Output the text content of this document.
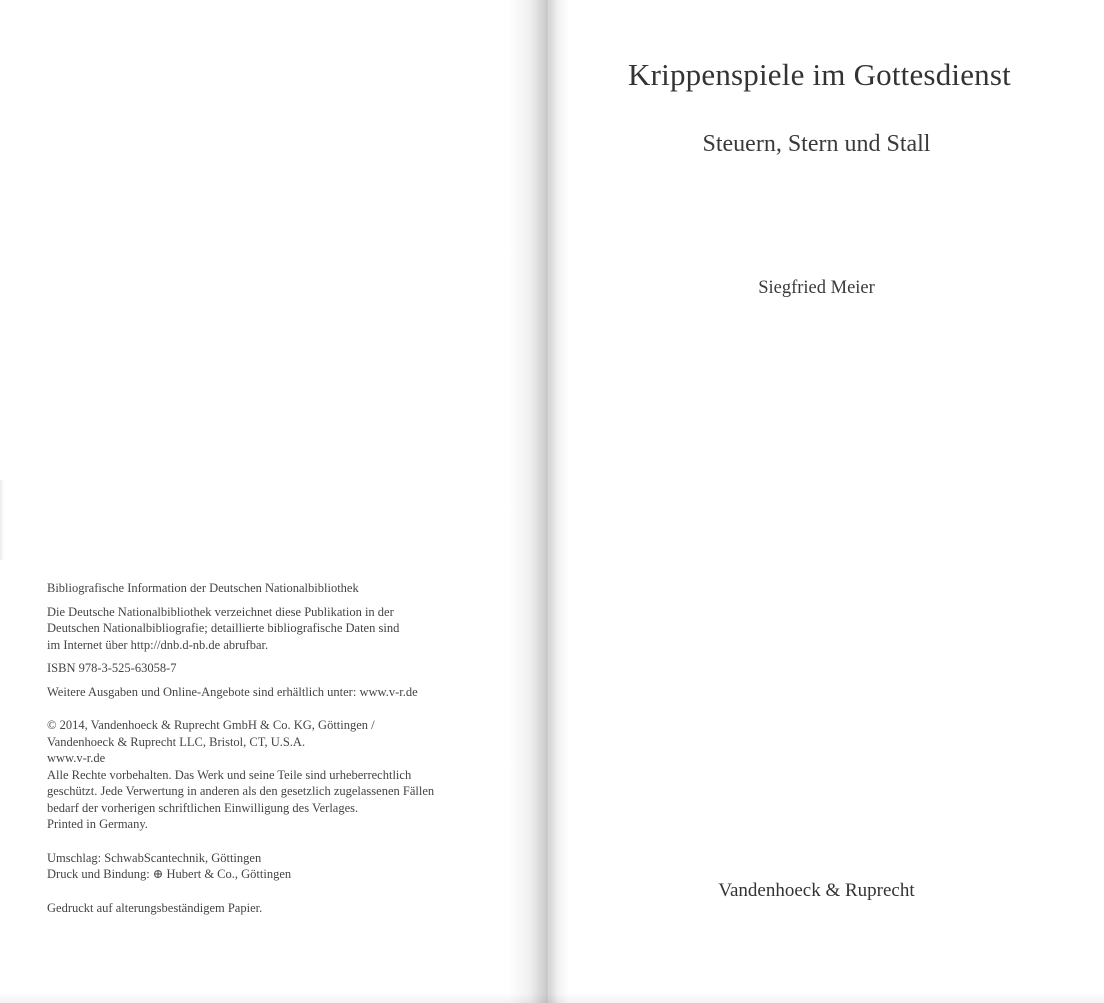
Bibliografische Information der Deutschen Nationalbibliothek

Die Deutsche Nationalbibliothek verzeichnet diese Publikation in der
Deutschen Nationalbibliografie; detaillierte bibliografische Daten sind
im Internet über http://dnb.d-nb.de abrufbar.

ISBN 978-3-525-63058-7

Weitere Ausgaben und Online-Angebote sind erhältlich unter: www.v-r.de

© 2014, Vandenhoeck & Ruprecht GmbH & Co. KG, Göttingen /
Vandenhoeck & Ruprecht LLC, Bristol, CT, U.S.A.
www.v-r.de
Alle Rechte vorbehalten. Das Werk und seine Teile sind urheberrechtlich
geschützt. Jede Verwertung in anderen als den gesetzlich zugelassenen Fällen
bedarf der vorherigen schriftlichen Einwilligung des Verlages.
Printed in Germany.

Umschlag: SchwabScantechnik, Göttingen
Druck und Bindung: ⊕ Hubert & Co., Göttingen

Gedruckt auf alterungsbeständigem Papier.

Krippenspiele im Gottesdienst
Steuern, Stern und Stall
Siegfried Meier
Vandenhoeck & Ruprecht
